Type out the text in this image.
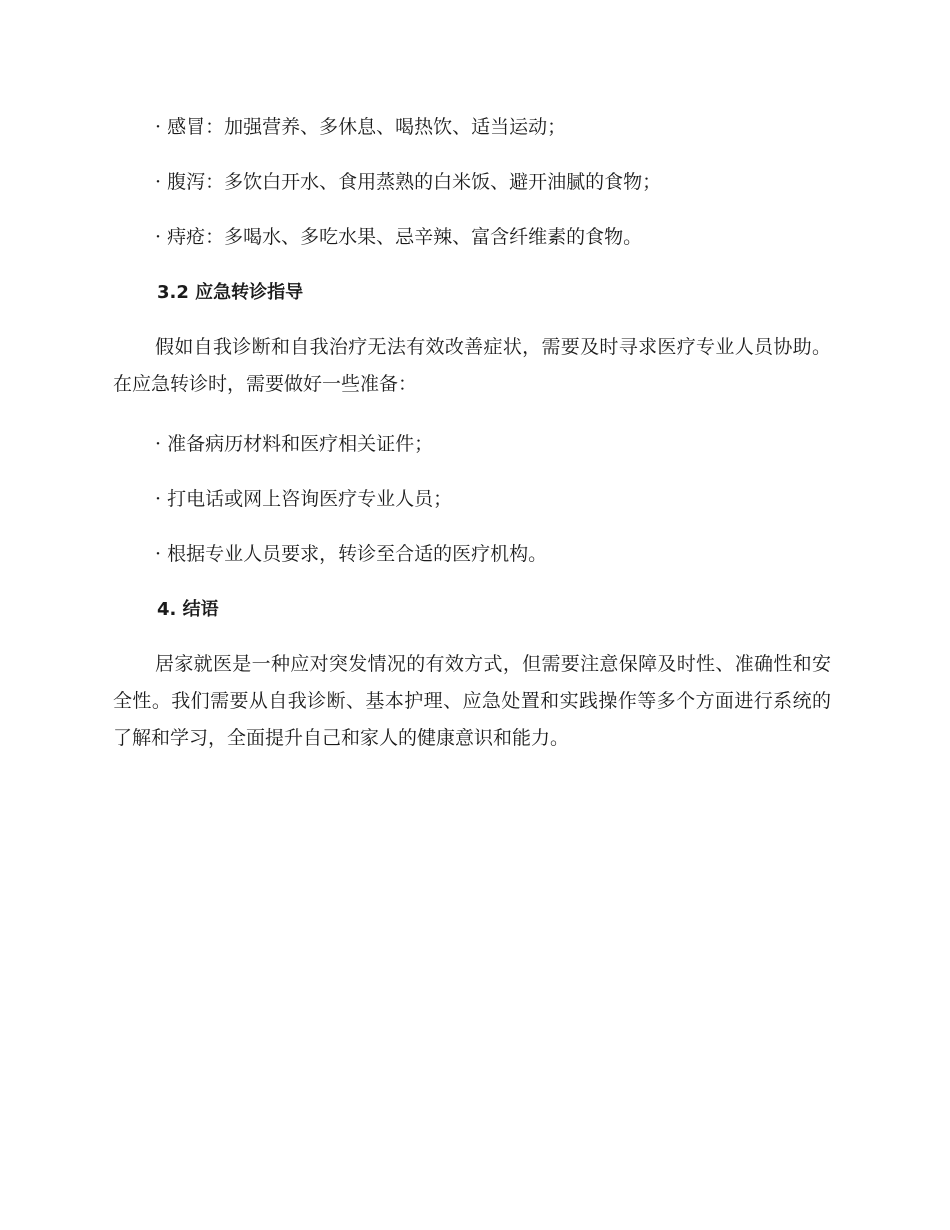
· 感冒：加强营养、多休息、喝热饮、适当运动；
· 腹泻：多饮白开水、食用蒸熟的白米饭、避开油腻的食物；
· 痔疮：多喝水、多吃水果、忌辛辣、富含纤维素的食物。
3.2 应急转诊指导
假如自我诊断和自我治疗无法有效改善症状，需要及时寻求医疗专业人员协助。在应急转诊时，需要做好一些准备：
· 准备病历材料和医疗相关证件；
· 打电话或网上咨询医疗专业人员；
· 根据专业人员要求，转诊至合适的医疗机构。
4. 结语
居家就医是一种应对突发情况的有效方式，但需要注意保障及时性、准确性和安全性。我们需要从自我诊断、基本护理、应急处置和实践操作等多个方面进行系统的了解和学习，全面提升自己和家人的健康意识和能力。
